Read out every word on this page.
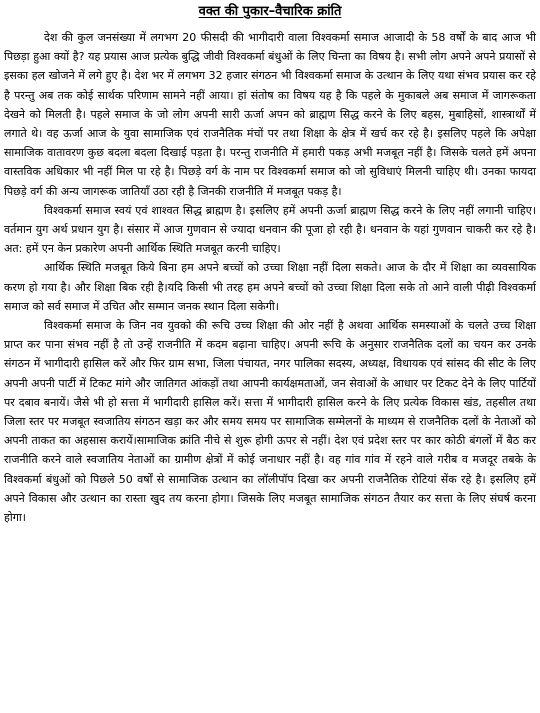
वक्त की पुकार–वैचारिक क्रांति

देश की कुल जनसंख्या में लगभग 20 फीसदी की भागीदारी वाला विश्वकर्मा समाज आजादी के 58 वर्षों के बाद आज भी पिछड़ा हुआ क्यों है? यह प्रयास आज प्रत्येक बुद्धि जीवी विश्वकर्मा बंधुओं के लिए चिन्ता का विषय है। सभी लोग अपने अपने प्रयासों से इसका हल खोजने में लगे हुए है। देश भर में लगभग 32 हजार संगठन भी विश्वकर्मा समाज के उत्थान के लिए यथा संभव प्रयास कर रहे है परन्तु अब तक कोई सार्थक परिणाम सामने नहीं आया। हां संतोष का विषय यह है कि पहले के मुकाबले अब समाज में जागरूकता देखने को मिलती है। पहले समाज के जो लोग अपनी सारी ऊर्जा अपन को ब्राह्मण सिद्ध करने के लिए बहस, मुबाहिसों, शास्त्रार्थों में लगाते थे। वह ऊर्जा आज के युवा सामाजिक एवं राजनैतिक मंचों पर तथा शिक्षा के क्षेत्र में खर्च कर रहे है। इसलिए पहले कि अपेक्षा सामाजिक वातावरण कुछ बदला बदला दिखाई पड़ता है। परन्तु राजनीति में हमारी पकड़ अभी मजबूत नहीं है। जिसके चलते हमें अपना वास्तविक अधिकार भी नहीं मिल पा रहे है। पिछड़े वर्ग के नाम पर विश्वकर्मा समाज को जो सुविधाएं मिलनी चाहिए थी। उनका फायदा पिछड़े वर्ग की अन्य जागरूक जातियाँ उठा रही है जिनकी राजनीति में मजबूत पकड़ है।

विश्वकर्मा समाज स्वयं एवं शाश्वत सिद्ध ब्राह्मण है। इसलिए हमें अपनी ऊर्जा ब्राह्मण सिद्ध करने के लिए नहीं लगानी चाहिए। वर्तमान युग अर्थ प्रधान युग है। संसार में आज गुणवान से ज्यादा धनवान की पूजा हो रही है। धनवान के यहां गुणवान चाकरी कर रहे है। अत: हमें एन केन प्रकारेण अपनी आर्थिक स्थिति मजबूत करनी चाहिए।

आर्थिक स्थिति मजबूत किये बिना हम अपने बच्चों को उच्चा शिक्षा नहीं दिला सकते। आज के दौर में शिक्षा का व्यवसायिक करण हो गया है। और शिक्षा बिक रही है।यदि किसी भी तरह हम अपने बच्चों को उच्चा शिक्षा दिला सके तो आने वाली पीढ़ी विश्वकर्मा समाज को सर्व समाज में उचित और सम्मान जनक स्थान दिला सकेगी।

विश्वकर्मा समाज के जिन नव युवको की रूचि उच्च शिक्षा की ओर नहीं है अथवा आर्थिक समस्याओं के चलते उच्च शिक्षा प्राप्त कर पाना संभव नहीं है तो उन्हें राजनीति में कदम बढ़ाना चाहिए। अपनी रूचि के अनुसार राजनैतिक दलों का चयन कर उनके संगठन में भागीदारी हासिल करें और फिर ग्राम सभा, जिला पंचायत, नगर पालिका सदस्य, अध्यक्ष, विधायक एवं सांसद की सीट के लिए अपनी अपनी पार्टी में टिकट मांगे और जातिगत आंकड़ों तथा आपनी कार्यक्षमताओं, जन सेवाओं के आधार पर टिकट देने के लिए पार्टियों पर दबाव बनायें। जैसे भी हो सत्ता में भागीदारी हासिल करें। सत्ता में भागीदारी हासिल करने के लिए प्रत्येक विकास खंड, तहसील तथा जिला स्तर पर मजबूत स्वजातिय संगठन खड़ा कर और समय समय पर सामाजिक सम्मेलनों के माध्यम से राजनैतिक दलों के नेताओं को अपनी ताकत का अहसास करायें।सामाजिक क्रांति नीचे से शुरू होगी ऊपर से नहीं। देश एवं प्रदेश स्तर पर कार कोठी बंगलों में बैठ कर राजनीति करने वाले स्वजातिय नेताओं का ग्रामीण क्षेत्रों में कोई जनाधार नहीं है। वह गांव गांव में रहने वाले गरीब व मजदूर तबके के विश्वकर्मा बंधुओं को पिछले 50 वर्षों से सामाजिक उत्थान का लॉलीपॉप दिखा कर अपनी राजनैतिक रोटियां सेंक रहे है। इसलिए हमें अपने विकास और उत्थान का रास्ता खुद तय करना होगा। जिसके लिए मजबूत सामाजिक संगठन तैयार कर सत्ता के लिए संघर्ष करना होगा।
